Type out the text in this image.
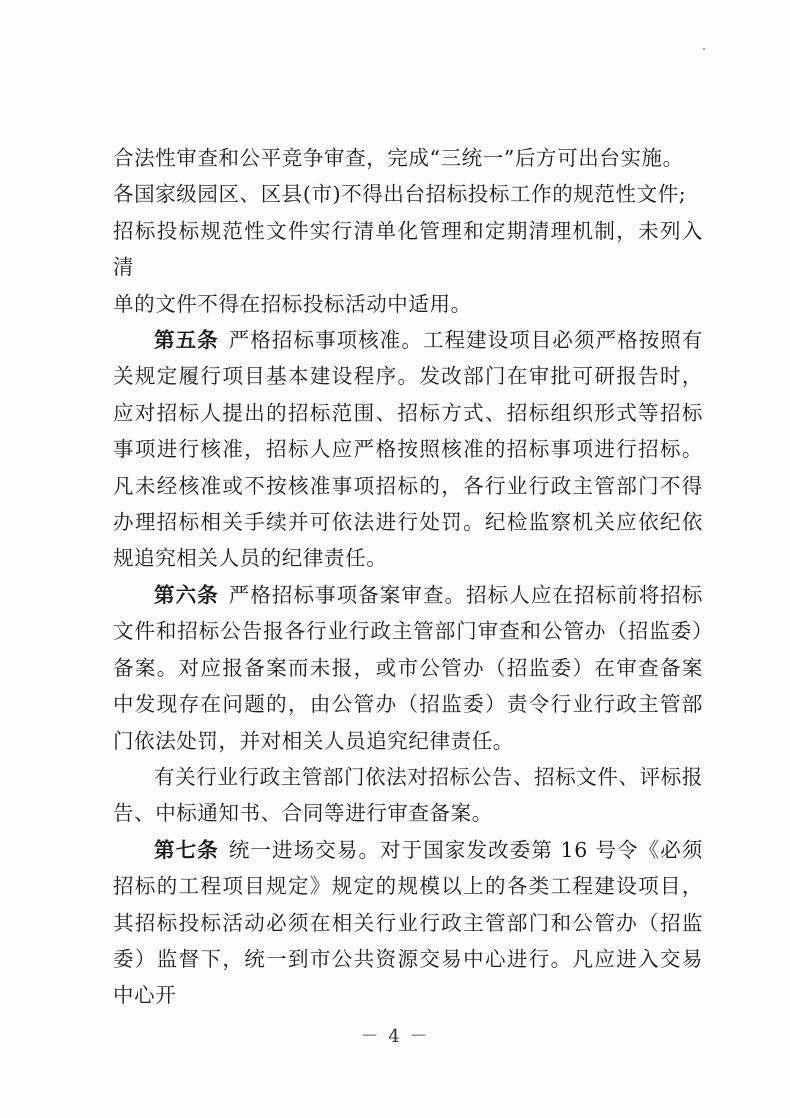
合法性审查和公平竞争审查，完成“三统一”后方可出台实施。

各国家级园区、区县(市)不得出台招标投标工作的规范性文件;

招标投标规范性文件实行清单化管理和定期清理机制，未列入清

单的文件不得在招标投标活动中适用。

第五条 严格招标事项核准。工程建设项目必须严格按照有关规定履行项目基本建设程序。发改部门在审批可研报告时，应对招标人提出的招标范围、招标方式、招标组织形式等招标事项进行核准，招标人应严格按照核准的招标事项进行招标。凡未经核准或不按核准事项招标的，各行业行政主管部门不得办理招标相关手续并可依法进行处罚。纪检监察机关应依纪依规追究相关人员的纪律责任。

第六条 严格招标事项备案审查。招标人应在招标前将招标文件和招标公告报各行业行政主管部门审查和公管办（招监委）备案。对应报备案而未报，或市公管办（招监委）在审查备案中发现存在问题的，由公管办（招监委）责令行业行政主管部门依法处罚，并对相关人员追究纪律责任。

有关行业行政主管部门依法对招标公告、招标文件、评标报告、中标通知书、合同等进行审查备案。

第七条 统一进场交易。对于国家发改委第 16 号令《必须招标的工程项目规定》规定的规模以上的各类工程建设项目，其招标投标活动必须在相关行业行政主管部门和公管办（招监委）监督下，统一到市公共资源交易中心进行。凡应进入交易中心开

－ 4 －
